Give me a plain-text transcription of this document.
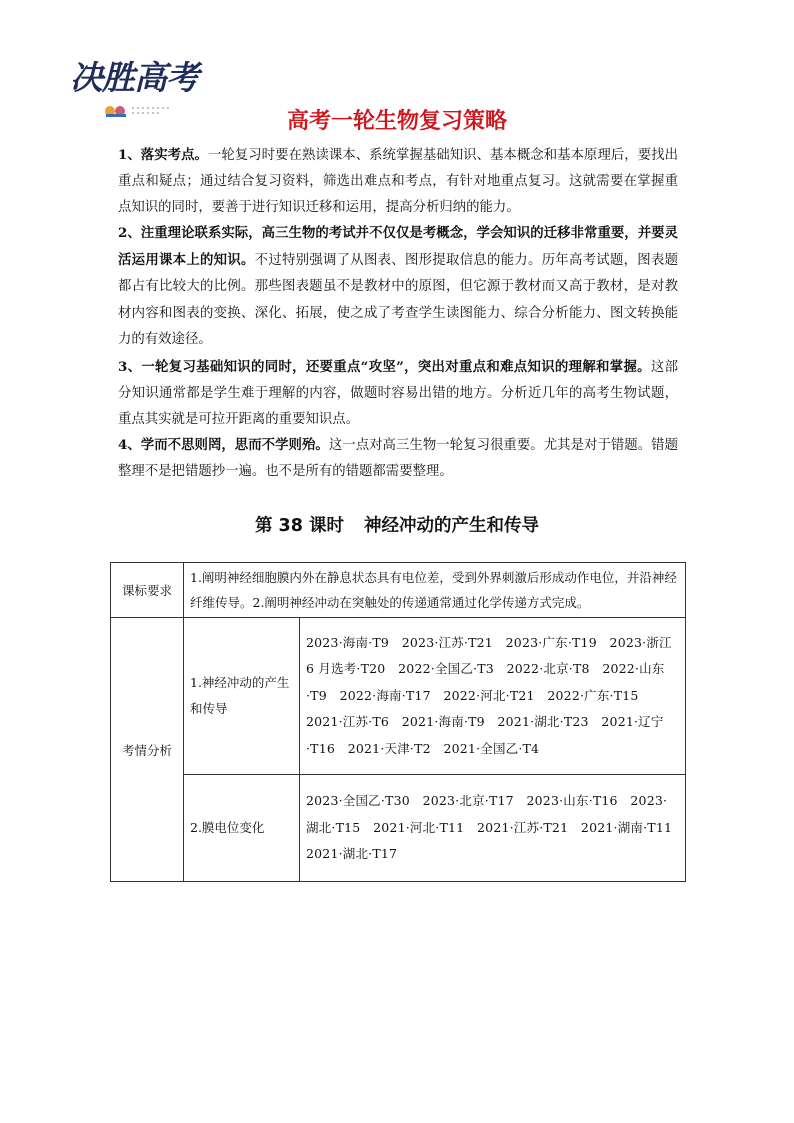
决胜高考
高考一轮生物复习策略
1、落实考点。一轮复习时要在熟读课本、系统掌握基础知识、基本概念和基本原理后，要找出重点和疑点；通过结合复习资料，筛选出难点和考点，有针对地重点复习。这就需要在掌握重点知识的同时，要善于进行知识迁移和运用，提高分析归纳的能力。
2、注重理论联系实际，高三生物的考试并不仅仅是考概念，学会知识的迁移非常重要，并要灵活运用课本上的知识。不过特别强调了从图表、图形提取信息的能力。历年高考试题，图表题都占有比较大的比例。那些图表题虽不是教材中的原图，但它源于教材而又高于教材，是对教材内容和图表的变换、深化、拓展，使之成了考查学生读图能力、综合分析能力、图文转换能力的有效途径。
3、一轮复习基础知识的同时，还要重点“攻坚”，突出对重点和难点知识的理解和掌握。这部分知识通常都是学生难于理解的内容，做题时容易出错的地方。分析近几年的高考生物试题，重点其实就是可拉开距离的重要知识点。
4、学而不思则罔，思而不学则殆。这一点对高三生物一轮复习很重要。尤其是对于错题。错题整理不是把错题抄一遍。也不是所有的错题都需要整理。
第 38 课时 神经冲动的产生和传导
课标要求	1.阐明神经细胞膜内外在静息状态具有电位差，受到外界刺激后形成动作电位，并沿神经纤维传导。2.阐明神经冲动在突触处的传递通常通过化学传递方式完成。	
考情分析	1.神经冲动的产生和传导	2023·海南·T9　2023·江苏·T21　2023·广东·T19　2023·浙江 6 月选考·T20　2022·全国乙·T3　2022·北京·T8　2022·山东·T9　2022·海南·T17　2022·河北·T21　2022·广东·T15　2021·江苏·T6　2021·海南·T9　2021·湖北·T23　2021·辽宁·T16　2021·天津·T2　2021·全国乙·T4
	2.膜电位变化	2023·全国乙·T30　2023·北京·T17　2023·山东·T16　2023·湖北·T15　2021·河北·T11　2021·江苏·T21　2021·湖南·T11　2021·湖北·T17
